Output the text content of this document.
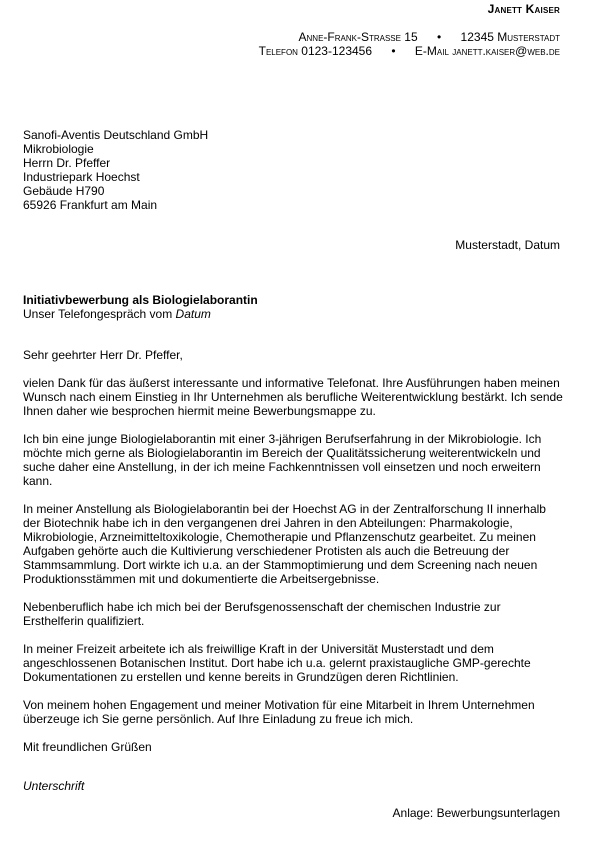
Janett Kaiser
Anne-Frank-Strasse 15 • 12345 Musterstadt
Telefon 0123-123456 • E-Mail janett.kaiser@web.de
Sanofi-Aventis Deutschland GmbH
Mikrobiologie
Herrn Dr. Pfeffer
Industriepark Hoechst
Gebäude H790
65926 Frankfurt am Main
Musterstadt, Datum
Initiativbewerbung als Biologielaborantin
Unser Telefongespräch vom Datum

Sehr geehrter Herr Dr. Pfeffer,

vielen Dank für das äußerst interessante und informative Telefonat. Ihre Ausführungen haben meinen Wunsch nach einem Einstieg in Ihr Unternehmen als berufliche Weiterentwicklung bestärkt. Ich sende Ihnen daher wie besprochen hiermit meine Bewerbungsmappe zu.

Ich bin eine junge Biologielaborantin mit einer 3-jährigen Berufserfahrung in der Mikrobiologie. Ich möchte mich gerne als Biologielaborantin im Bereich der Qualitätssicherung weiterentwickeln und suche daher eine Anstellung, in der ich meine Fachkenntnissen voll einsetzen und noch erweitern kann.

In meiner Anstellung als Biologielaborantin bei der Hoechst AG in der Zentralforschung II innerhalb der Biotechnik habe ich in den vergangenen drei Jahren in den Abteilungen: Pharmakologie, Mikrobiologie, Arzneimitteltoxikologie, Chemotherapie und Pflanzenschutz gearbeitet. Zu meinen Aufgaben gehörte auch die Kultivierung verschiedener Protisten als auch die Betreuung der Stammsammlung. Dort wirkte ich u.a. an der Stammoptimierung und dem Screening nach neuen Produktionsstämmen mit und dokumentierte die Arbeitsergebnisse.

Nebenberuflich habe ich mich bei der Berufsgenossenschaft der chemischen Industrie zur Ersthelferin qualifiziert.

In meiner Freizeit arbeitete ich als freiwillige Kraft in der Universität Musterstadt und dem angeschlossenen Botanischen Institut. Dort habe ich u.a. gelernt praxistaugliche GMP-gerechte Dokumentationen zu erstellen und kenne bereits in Grundzügen deren Richtlinien.

Von meinem hohen Engagement und meiner Motivation für eine Mitarbeit in Ihrem Unternehmen überzeuge ich Sie gerne persönlich. Auf Ihre Einladung zu freue ich mich.

Mit freundlichen Grüßen

Unterschrift
Anlage: Bewerbungsunterlagen
